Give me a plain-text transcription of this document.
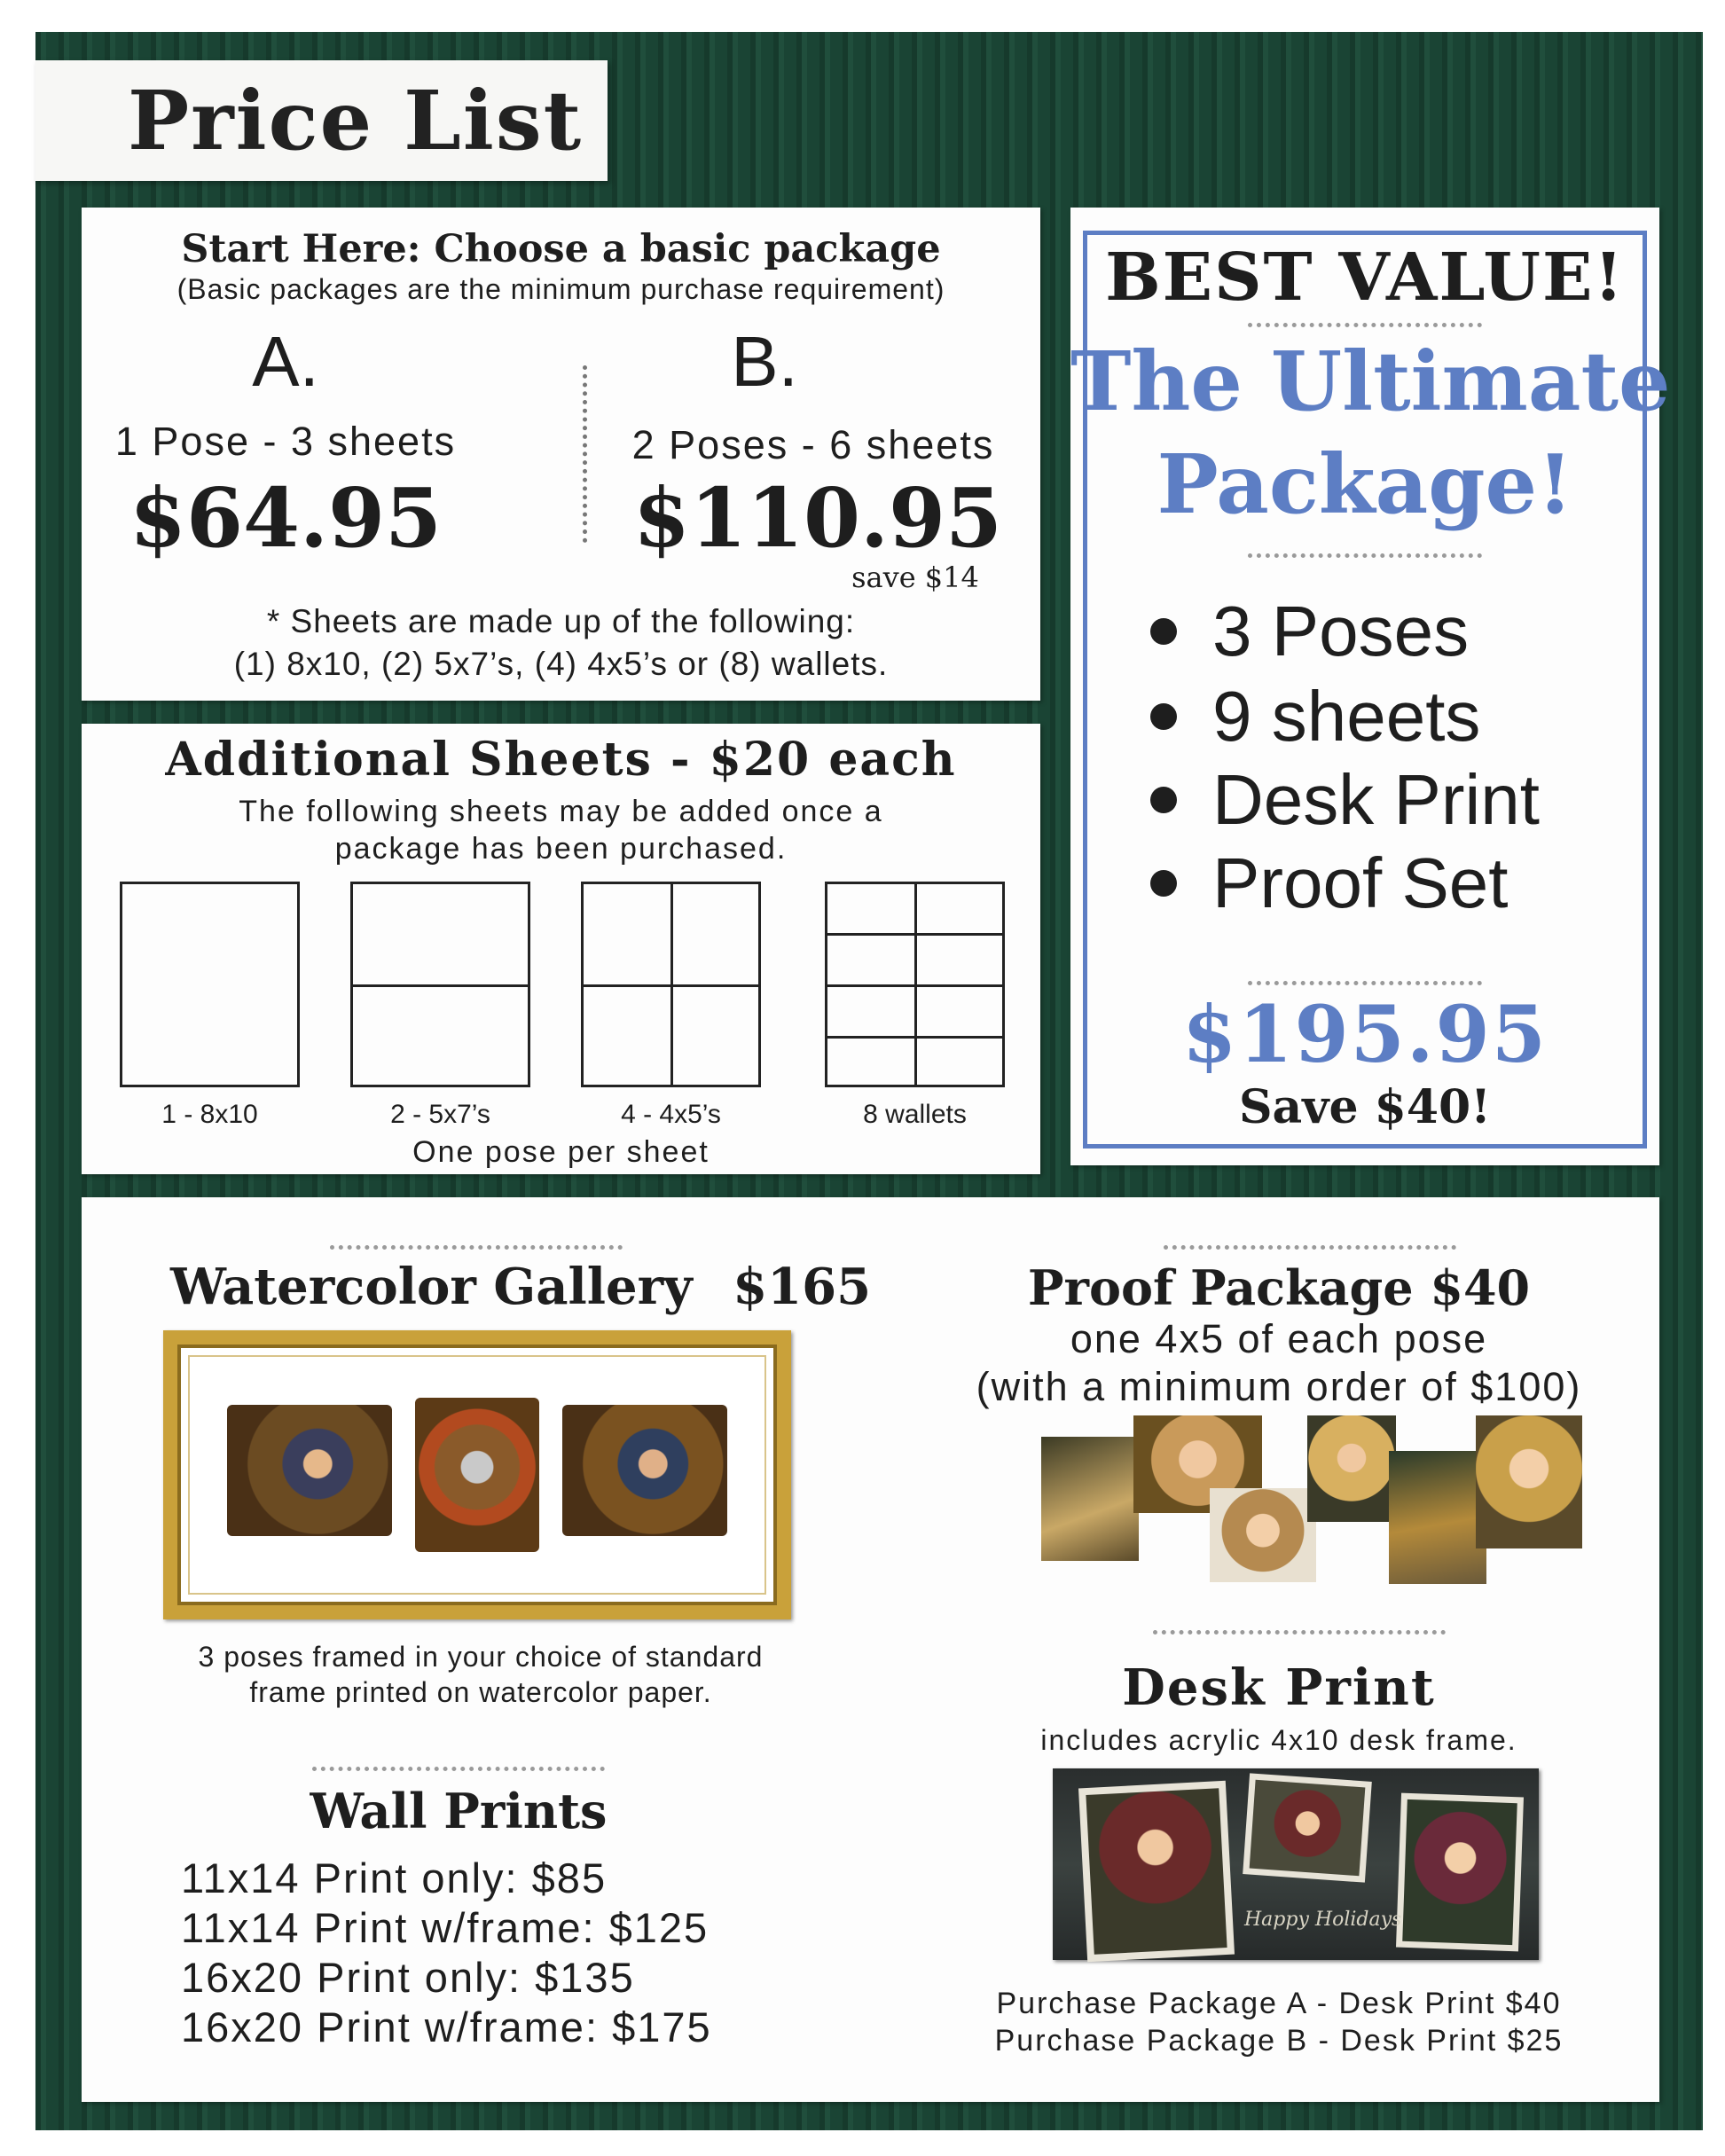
Price List
Start Here: Choose a basic package
(Basic packages are the minimum purchase requirement)
A.
1 Pose - 3 sheets
$64.95
B.
2 Poses - 6 sheets
$110.95
save $14
* Sheets are made up of the following:
(1) 8x10, (2) 5x7’s, (4) 4x5’s or (8) wallets.
Additional Sheets - $20 each
The following sheets may be added once a
package has been purchased.
1 - 8x10	2 - 5x7’s	4 - 4x5’s	8 wallets
One pose per sheet
BEST VALUE!
The Ultimate
Package!
3 Poses
9 sheets
Desk Print
Proof Set
$195.95
Save $40!
Watercolor Gallery $165
3 poses framed in your choice of standard
frame printed on watercolor paper.
Wall Prints
11x14 Print only: $85
11x14 Print w/frame: $125
16x20 Print only: $135
16x20 Print w/frame: $175
Proof Package $40
one 4x5 of each pose
(with a minimum order of $100)
Desk Print
includes acrylic 4x10 desk frame.
Happy Holidays
Purchase Package A - Desk Print $40
Purchase Package B - Desk Print $25
